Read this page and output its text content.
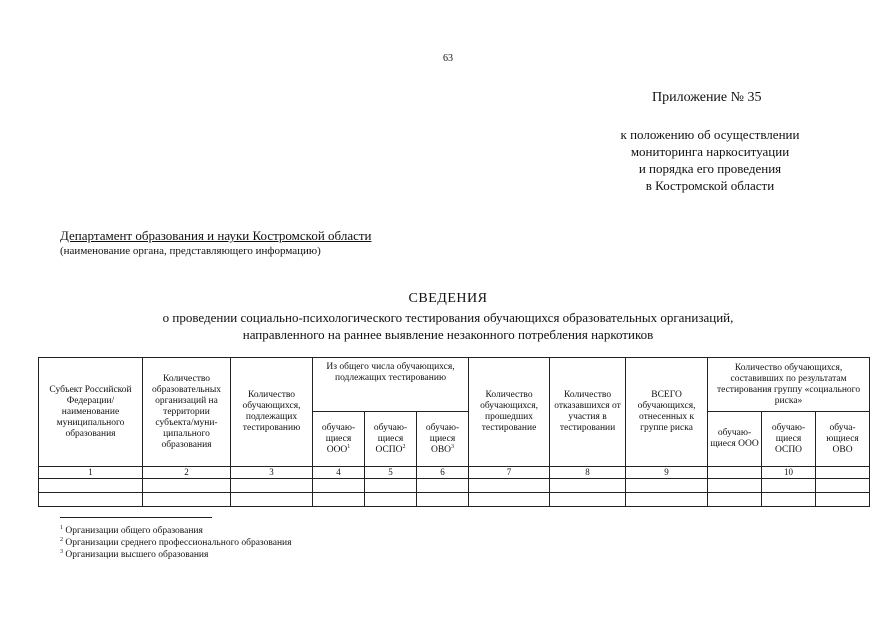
63
Приложение № 35
к положению об осуществлении
мониторинга наркоситуации
и порядка его проведения
в Костромской области
Департамент образования и науки Костромской области
(наименование органа, представляющего информацию)
СВЕДЕНИЯ
о проведении социально-психологического тестирования обучающихся образовательных организаций,
направленного на раннее выявление незаконного потребления наркотиков
Субъект Российской Федерации/ наименование муниципального образования	Количество образовательных организаций на территории субъекта/муни-ципального образования	Количество обучающихся, подлежащих тестированию	Из общего числа обучающихся, подлежащих тестированию			Количество обучающихся, прошедших тестирование	Количество отказавшихся от участия в тестировании	ВСЕГО обучающихся, отнесенных к группе риска	Количество обучающихся, составивших по результатам тестирования группу «социального риска»		
			обучаю-щиеся ООО$^1$	обучаю-щиеся ОСПО$^2$	обучаю-щиеся ОВО$^3$				обучаю-щиеся ООО	обучаю-щиеся ОСПО	обуча-ющиеся ОВО
1	2	3	4	5	6	7	8	9		10	

$^1$ Организации общего образования
$^2$ Организации среднего профессионального образования
$^3$ Организации высшего образования
